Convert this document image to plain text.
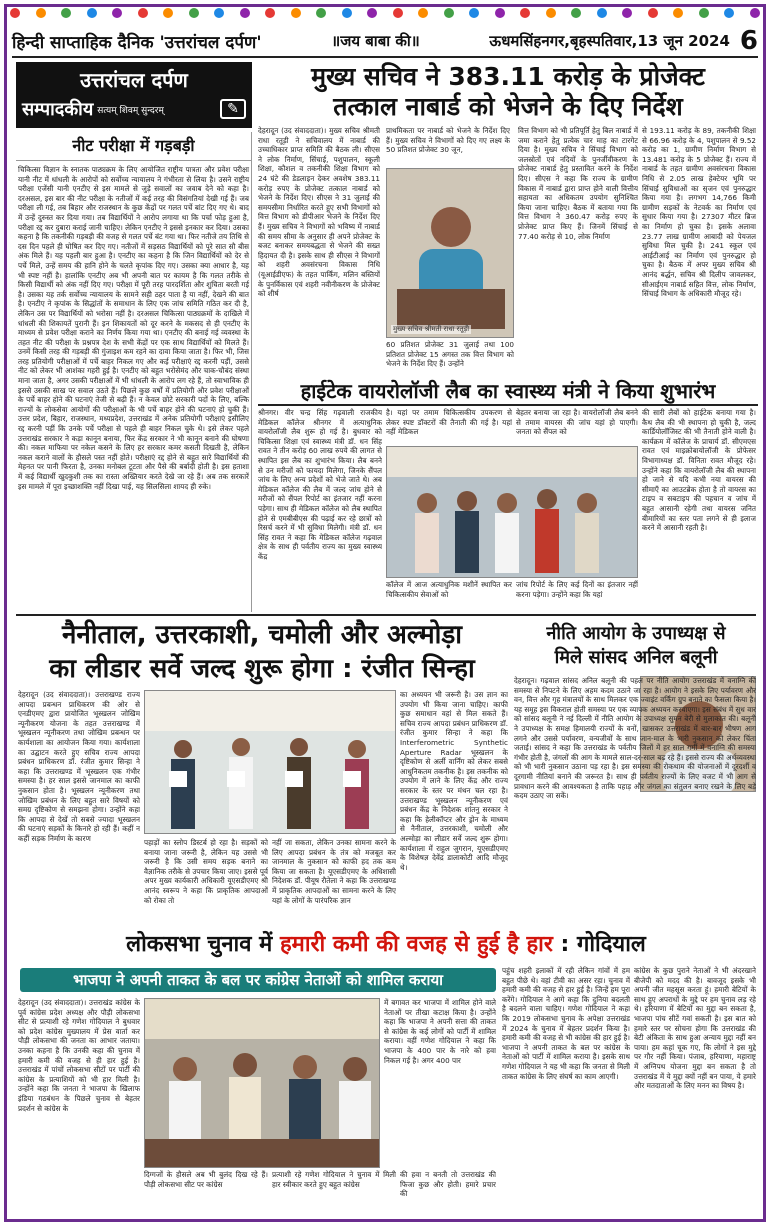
हिन्दी साप्ताहिक दैनिक 'उत्तरांचल दर्पण'	॥जय बाबा की॥	ऊधमसिंहनगर,बृहस्पतिवार,13 जून 2024 6
उत्तरांचल दर्पण
सम्पादकीय सत्यम् शिवम् सुन्दरम्	✎
नीट परीक्षा में गड़बड़ी
चिकित्सा विज्ञान के स्नातक पाठ्यक्रम के लिए आयोजित राष्ट्रीय पात्रता और प्रवेश परीक्षा यानी नीट में धांधली के आरोपों को सर्वोच्च न्यायालय ने गंभीरता से लिया है। उसने राष्ट्रीय परीक्षा एजेंसी यानी एनटीए से इस मामले से जुड़े सवालों का जवाब देने को कहा है। दरअसल, इस बार की नीट परीक्षा के नतीजों में कई तरह की विसंगतियां देखी गई हैं। जब परीक्षा ली गई, तब बिहार और राजस्थान के कुछ केंद्रों पर गलत पर्चे बांट दिए गए थे। बाद में उन्हें दुरुस्त कर दिया गया। तब विद्यार्थियों ने आरोप लगाया था कि पर्चा फोड़ हुआ है, परीक्षा रद्द कर दुबारा कराई जानी चाहिए। लेकिन एनटीए ने इससे इनकार कर दिया। उसका कहना है कि तकनीकी गड़बड़ी की वजह से गलत पर्चे बंट गया था। फिर नतीजे तय तिथि से दस दिन पहले ही घोषित कर दिए गए। नतीजों में सड़सठ विद्यार्थियों को पूरे सात सौ बीस अंक मिले हैं। यह पहली बार हुआ है। एनटीए का कहना है कि जिन विद्यार्थियों को देर से पर्चे मिले, उन्हें समय की हानि होने के चलते कृपांक दिए गए। उसका क्या आधार है, यह भी स्पष्ट नहीं है। हालांकि एनटीए अब भी अपनी बात पर कायम है कि गलत तरीके से किसी विद्यार्थी को अंक नहीं दिए गए। परीक्षा में पूरी तरह पारदर्शिता और शुचिता बरती गई है। उसका यह तर्क सर्वोच्च न्यायालय के सामने सही ठहर पाता है या नहीं, देखने की बात है। एनटीए ने कृपांक के सिद्धांतों के समाधान के लिए एक जांच समिति गठित कर दी है, लेकिन उस पर विद्यार्थियों को भरोसा नहीं है। दरअसल चिकित्सा पाठ्यक्रमों के दाखिले में धांधली की शिकायतें पुरानी हैं। इन शिकायतों को दूर करने के मकसद से ही एनटीए के माध्यम से प्रवेश परीक्षा कराने का निर्णय किया गया था। एनटीए की बनाई गई व्यवस्था के तहत नीट की परीक्षा के प्रश्नपत्र देश के सभी केंद्रों पर एक साथ विद्यार्थियों को मिलते हैं। उनमें किसी तरह की गड़बड़ी की गुंजाइश कम रहने का दावा किया जाता है। फिर भी, जिस तरह प्रतियोगी परीक्षाओं में पर्चे बाहर निकल गए और कई परीक्षाएं रद्द करनी पड़ीं, उससे नीट को लेकर भी आशंका गहरी हुई है। एनटीए को बहुत भरोसेमंद और चाक-चौबंद संस्था माना जाता है, अगर उसकी परीक्षाओं में भी धांधली के आरोप लग रहे हैं, तो स्वाभाविक ही इससे उसकी साख पर सवाल उठते हैं। पिछले कुछ वर्षों में प्रतियोगी और प्रवेश परीक्षाओं के पर्चे बाहर होने की घटनाएं तेजी से बढ़ी हैं। न केवल छोटे सरकारी पदों के लिए, बल्कि राज्यों के लोकसेवा आयोगों की परीक्षाओं के भी पर्चे बाहर होने की घटनाएं हो चुकी हैं। उत्तर प्रदेश, बिहार, राजस्थान, मध्यप्रदेश, उत्तराखंड में अनेक प्रतियोगी परीक्षाएं इसीलिए रद्द करनी पड़ीं कि उनके पर्चे परीक्षा से पहले ही बाहर निकल चुके थे। इसे लेकर पहले उत्तराखंड सरकार ने कड़ा कानून बनाया, फिर केंद्र सरकार ने भी कानून बनाने की घोषणा की। नकल माफिया पर नकेल कसने के लिए हर सरकार कमर कसती दिखती है, लेकिन नकल कराने वालों के हौसले पस्त नहीं होते। परीक्षाएं रद्द होने से बहुत सारे विद्यार्थियों की मेहनत पर पानी फिरता है, उनका मनोबल टूटता और पैसे की बर्बादी होती है। इस हताशा में कई विद्यार्थी खुदकुशी तक का रास्ता अख्तियार करते देखे जा रहे हैं। अब तक सरकारें इस मामले में पूरा इच्छाशक्ति नहीं दिखा पाई, यह सिलसिला शायद ही रुके।
मुख्य सचिव ने 383.11 करोड़ के प्रोजेक्ट
तत्काल नाबार्ड को भेजने के दिए निर्देश
देहरादून (उद संवाददाता)। मुख्य सचिव श्रीमती राधा रतूड़ी ने सचिवालय में नाबार्ड की उच्चाधिकार प्राप्त समिति की बैठक ली। सीएस ने लोक निर्माण, सिंचाई, पशुपालन, स्कूली शिक्षा, कौशल व तकनीकी शिक्षा विभाग को 24 घंटे की डेडलाइन देकर अवशेष 383.11 करोड़ रुपए के प्रोजेक्ट तत्काल नाबार्ड को भेजने के निर्देश दिए। सीएस ने 31 जुलाई की समयसीमा निर्धारित करते हुए सभी विभागों को वित्त विभाग को डीपीआर भेजने के निर्देश दिए हैं। मुख्य सचिव ने विभागों को भविष्य में नाबार्ड की समय सीमा के अनुसार ही अपने प्रोजेक्ट के बजट बनाकर समयबद्धता से भेजने की सख्त हिदायत दी है। इसके साथ ही सीएस ने विभागों को शहरी अवसंरचना विकास निधि (यूआईडीएफ) के तहत पार्किंग, मलिन बस्तियों के पुनर्विकास एवं शहरी नवीनीकरण के प्रोजेक्ट को शीर्ष
प्राथमिकता पर नाबार्ड को भेजने के निर्देश दिए हैं। मुख्य सचिव ने विभागों को दिए गए लक्ष्य के 50 प्रतिशत प्रोजेक्ट 30 जून,
मुख्य सचिव श्रीमती राधा रतूड़ी
60 प्रतिशत प्रोजेक्ट 31 जुलाई तथा 100 प्रतिशत प्रोजेक्ट 15 अगस्त तक वित्त विभाग को भेजने के निर्देश दिए हैं। उन्होंने
वित्त विभाग को भी प्रतिपूर्ति हेतु बिल नाबार्ड में जमा कराने हेतु प्रत्येक चार माह का टारगेट दिया है। मुख्य सचिव ने सिंचाई विभाग को जलस्रोतों एवं नदियों के पुनर्जीवीकरण के प्रोजेक्ट नाबार्ड हेतु प्रस्तावित करने के निर्देश दिए। सीएस ने कहा कि राज्य के ग्रामीण विकास में नाबार्ड द्वारा प्राप्त होने वाली वित्तीय सहायता का अधिकतम उपयोग सुनिश्चित किया जाना चाहिए। बैठक में बताया गया कि वित्त विभाग ने 360.47 करोड़ रुपए के प्रोजेक्ट प्राप्त किए हैं। जिनमें सिंचाई से 77.40 करोड़ से 10, लोक निर्माण
से 193.11 करोड़ के 89, तकनीकी शिक्षा से 66.96 करोड़ के 4, पशुपालन से 9.52 करोड़ का 1, ग्रामीण निर्माण विभाग से 13.481 करोड़ के 5 प्रोजेक्ट हैं। राज्य में नाबार्ड के तहत ग्रामीण अवसंरचना विकास निधि से 2.05 लाख हेक्टेयर भूमि पर सिंचाई सुविधाओं का सृजन एवं पुनरुद्धार किया गया है। लगभग 14,766 किमी ग्रामीण सड़कों के नेटवर्क का निर्माण एवं सुधार किया गया है। 27307 मीटर ब्रिज का निर्माण हो चुका है। इसके अलावा 23.77 लाख ग्रामीण आबादी को पेयजल सुविधा मिल चुकी है। 241 स्कूल एवं आईटीआई का निर्माण एवं पुनरुद्धार हो चुका है। बैठक में अपर मुख्य सचिव श्री आनंद बर्द्धन, सचिव श्री दिलीप जावलकर, सीआईएम नाबार्ड सहित वित्त, लोक निर्माण, सिंचाई विभाग के अधिकारी मौजूद रहे।
हाईटेक वायरोलॉजी लैब का स्वास्थ्य मंत्री ने किया शुभारंभ
श्रीनगर। वीर चन्द्र सिंह गढ़वाली राजकीय मेडिकल कॉलेज श्रीनगर में अत्याधुनिक वायरोलॉजी लैब शुरू हो गई है। बुधवार को चिकित्सा शिक्षा एवं स्वास्थ्य मंत्री डॉ. धन सिंह रावत ने तीन करोड़ 60 लाख रुपये की लागत से स्थापित इस लैब का शुभारंभ किया। लैब बनने से उन मरीजों को फायदा मिलेगा, जिनके सैंपल जांच के लिए अन्य प्रदेशों को भेजे जाते थे। अब मेडिकल कॉलेज की लैब में जल्द जांच होने से मरीजों को सैंपल रिपोर्ट का इंतजार नहीं करना पड़ेगा। साथ ही मेडिकल कॉलेज को लैब स्थापित होने से एमबीबीएस की पढ़ाई कर रहे छात्रों को रिसर्च करने में भी सुविधा मिलेगी। मंत्री डॉ. धन सिंह रावत ने कहा कि मेडिकल कॉलेज गढ़वाल क्षेत्र के साथ ही पर्वतीय राज्य का मुख्य स्वास्थ्य केंद्र
है। यहां पर तमाम चिकित्सकीय उपकरण से लेकर स्पष्ट डॉक्टरों की तैनाती की गई है। यहां नहीं मेडिकल
बेहतर बनाया जा रहा है। वायरोलॉजी लैब बनने से तमाम वायरस की जांच यहां हो पाएगी। जनता को सैंपल को
कॉलेज में आज अत्याधुनिक मशीनें स्थापित कर चिकित्सकीय सेवाओं को
जांच रिपोर्ट के लिए कई दिनों का इंतजार नहीं करना पड़ेगा। उन्होंने कहा कि यहां
की सारी लैबों को हाईटेक बनाया गया है। कैथ लैब की भी स्थापना हो चुकी है, जल्द कार्डियोलॉजिस्ट की भी तैनाती होने वाली है। कार्यक्रम में कॉलेज के प्राचार्य डॉ. सीएमएस रावत एवं माइक्रोबायोलॉजी के प्रोफेसर विभागाध्यक्ष डॉ. विनिता रावत मौजूद रहे। उन्होंने कहा कि वायरोलॉजी लैब की स्थापना हो जाने से यदि कभी नया वायरस की सीमाएँ का आउटब्रेक होता है तो वायरस का टाइप व सबटाइप की पहचान व जांच में बहुत आसानी रहेगी तथा वायरस जनित बीमारियों का स्तर पता लगने से ही इलाज करने में आसानी रहती है।
नैनीताल, उत्तरकाशी, चमोली और अल्मोड़ा
का लीडार सर्वे जल्द शुरू होगा : रंजीत सिन्हा
देहरादून (उद संवाददाता)। उत्तराखण्ड राज्य आपदा प्रबन्धन प्राधिकरण की ओर से एनडीएमए द्वारा प्रायोजित भूस्खलन जोखिम न्यूनीकरण योजना के तहत उत्तराखण्ड में भूस्खलन न्यूनीकरण तथा जोखिम प्रबन्धन पर कार्यशाला का आयोजन किया गया। कार्यशाला का उद्घाटन करते हुए सचिव राज्य आपदा प्रबंधन प्राधिकरण डॉ. रंजीत कुमार सिन्हा ने कहा कि उत्तराखण्ड में भूस्खलन एक गंभीर समस्या है। हर साल इससे जानमाल का काफी नुकसान होता है। भूस्खलन न्यूनीकरण तथा जोखिम प्रबंधन के लिए बहुत सारे विषयों को समग्र दृष्टिकोण से समझना होगा। उन्होंने कहा कि आपदा से देखें तो सबसे ज्यादा भूस्खलन की घटनाएं सड़कों के किनारे हो रही हैं। कहीं न कहीं सड़क निर्माण के कारण	पहाड़ों का स्लोप डिस्टर्ब हो रहा है। सड़कों को बनाया जाना जरूरी है, लेकिन यह उससे भी जरूरी है कि उसी समय सड़क बनाने का वैज्ञानिक तरीके से उपचार किया जाए। इससे पूर्व अपर मुख्य कार्यकारी अधिकारी यूएसडीएमए श्री आनंद स्वरूप ने कहा कि प्राकृतिक आपदाओं को रोका तो
नहीं जा सकता, लेकिन उनका सामना करने के लिए आपदा प्रबंधन के तंत्र को मजबूत कर जानमाल के नुकसान को काफी हद तक कम किया जा सकता है। यूएसडीएमए के अधिशासी निदेशक डॉ. पीयूष रौतेला ने कहा कि उत्तराखण्ड में प्राकृतिक आपदाओं का सामना करने के लिए यहां के लोगों के पारंपरिक ज्ञान
का अध्ययन भी जरूरी है। उस ज्ञान का उपयोग भी किया जाना चाहिए। काफी कुछ समाधान वहां से मिल सकते हैं। सचिव राज्य आपदा प्रबंधन प्राधिकरण डॉ. रंजीत कुमार सिन्हा ने कहा कि Interferometric Synthetic Aperture Radar भूस्खलन के दृष्टिकोण से अर्ली वार्निंग को लेकर सबसे आधुनिकतम तकनीक है। इस तकनीक को उपयोग में लाने के लिए केंद्र और राज्य सरकार के स्तर पर मंथन चल रहा है। उत्तराखण्ड भूस्खलन न्यूनीकरण एवं प्रबंधन केंद्र के निदेशक शांतनु सरकार ने कहा कि हेलीकॉप्टर और ड्रोन के माध्यम से नैनीताल, उत्तरकाशी, चमोली और अल्मोड़ा का लीडार सर्वे जल्द शुरू होगा। कार्यशाला में राहुल जुगरान, यूएसडीएमए के विशेषज्ञ देवेंद्र डालाकोटी आदि मौजूद थे।
नीति आयोग के उपाध्यक्ष से
मिले सांसद अनिल बलूनी
देहरादून। गढ़वाल सांसद अनिल बलूनी की पहल पर नीति आयोग उत्तराखंड में वनाग्नि की समस्या से निपटने के लिए अहम कदम उठाने जा रहा है। आयोग ने इसके लिए पर्यावरण और वन, वित्त और गृह मंत्रालयों के साथ मिलकर एक ज्वाइंट वर्किंग ग्रुप बनाने का फैसला किया है। यह समूह इस विकराल होती समस्या पर एक व्यापक अध्ययन करवाएगा। इस संबंध में सुध वार को सांसद बलूनी ने नई दिल्ली में नीति आयोग के उपाध्यक्ष सुमन बेरी से मुलाकात की। बलूनी ने उपाध्यक्ष के समक्ष हिमालयी राज्यों के वनों, खासकर उत्तराखंड में बार-बार भीषण आग लगने और उससे पर्यावरण, वन्यजीवों के साथ जान-माल के भारी नुकसान को लेकर चिंता जताई। सांसद ने कहा कि उत्तराखंड के पर्वतीय जिलों में हर साल गर्मी में वनाग्नि की समस्या गंभीर होती है, जंगलों की आग के मामले साल-दर-साल बढ़ रहे हैं। इससे राज्य की अर्थव्यवस्था को भी भारी नुकसान उठाना पड़ रहा है। इस समस्या की रोकथाम की योजनाओं में दूरदर्शी व दूरगामी नीतियां बनाने की जरूरत है। साथ ही पर्वतीय राज्यों के लिए वजट में भी आग से प्रावधान करने की आवश्यकता है ताकि पहाड़ और जंगल का संतुलन बनाए रखने के लिए बड़े कदम उठाए जा सकें।
लोकसभा चुनाव में हमारी कमी की वजह से हुई है हार : गोदियाल
भाजपा ने अपनी ताकत के बल पर कांग्रेस नेताओं को शामिल कराया
देहरादून (उद संवाददाता)। उत्तराखंड कांग्रेस के पूर्व कांग्रेस प्रदेश अध्यक्ष और पौड़ी लोकसभा सीट से प्रत्याशी रहे गणेश गोदियाल ने बुधवार को प्रदेश कांग्रेस मुख्यालय में प्रेस वार्ता कर पौड़ी लोकसभा की जनता का आभार जताया। उनका कहना है कि उनकी कहा की चुनाव में हमारी कमी की वजह से ही हार हुई है। उत्तराखंड में पांचों लोकसभा सीटों पर पार्टी की कांग्रेस के प्रत्याशियों को भी हार मिली है। उन्होंने कहा कि जनता ने भाजपा के खिलाफ इंडिया गठबंधन के पिछले चुनाव से बेहतर प्रदर्शन से कांग्रेस के
में बगावत कर भाजपा में शामिल होने वाले नेताओं पर तीखा कटाक्ष किया है। उन्होंने कहा कि भाजपा ने अपनी सत्ता की ताकत से कांग्रेस के कई लोगों को पार्टी में शामिल कराया। वहीं गणेश गोदियाल ने कहा कि भाजपा के 400 पार के नारे को हवा निकल गई है। अगर 400 पार
दिग्गजों के हौसले अब भी बुलंद दिख रहे हैं। पौड़ी लोकसभा सीट पर कांग्रेस
प्रत्याशी रहे गणेश गोदियाल ने चुनाव में मिली हार स्वीकार करते हुए बहुत कांग्रेस
की हवा न बनती तो उत्तराखंड की फिजा कुछ और होती। हमारे प्रचार की
पहुंच शहरी इलाकों में रही लेकिन गांवों में हम बहुत पीछे थे। वहां टीवी का असर रहा। चुनाव में हमारी कमी की वजह से हार हुई है। जिन्हें हम पूरा करेंगे। गोदियाल ने आगे कहा कि दुनिया बदलती है बदलने वाला चाहिए। गणेश गोदियाल ने कहा कि 2019 लोकसभा चुनाव के अपेक्षा उत्तराखंड में 2024 के चुनाव में बेहतर प्रदर्शन किया है। हमारी कमी की वजह से भी कांग्रेस की हार हुई है। भाजपा ने अपनी ताकत के बल पर कांग्रेस के नेताओं को पार्टी में शामिल कराया है। इसके साथ गणेश गोदियाल ने यह भी कहा कि जनता से मिली ताकत कांग्रेस के लिए संघर्ष का काम आएगी।
कांग्रेस के कुछ पुराने नेताओं ने भी अंदरखाने बीजेपी को मदद की है। बावजूद इसके भी अपनी जीत महसूस करता हूं। हमारी बेटियों के साथ हुए अपराधों के मुद्दे पर हम चुनाव लड़ रहे थे। हरियाणा में बेटियों का मुद्दा बन सकता है, भाजपा पांच सीटें गवां सकती है। इस बात को हमारे स्तर पर सोचना होगा कि उत्तराखंड की बेटी अंकिता के साथ हुआ अन्याय मुद्दा नहीं बन पाया। हम कहां चूक गए, कि लोगों ने इस मुद्दे पर गौर नहीं किया। पंजाब, हरियाणा, महाराष्ट्र में अग्निपथ योजना मुद्दा बन सकता है तो उत्तराखंड में ये मुद्दा क्यों नहीं बन पाया, ये हमारे और मतदाताओं के लिए मनन का विषय है।
